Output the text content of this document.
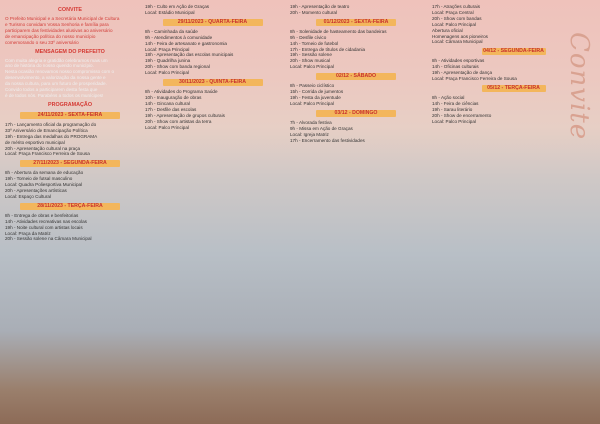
CONVITE
O Prefeito Municipal e a Secretária Municipal de Cultura
e Turismo convidam Vossa Senhoria e família para
participarem das festividades alusivas ao aniversário
de emancipação política do nosso município
comemorando o seu 33º aniversário
MENSAGEM DO PREFEITO
Com muita alegria e gratidão celebramos mais um
ano de história do nosso querido município.
Nesta ocasião renovamos nosso compromisso com o
desenvolvimento, a valorização da nossa gente e
da nossa cultura, para um futuro de prosperidade.
Convido todos a participarem desta festa que
é de todos nós. Parabéns a todos os munícipes!
PROGRAMAÇÃO
24/11/2023 - SEXTA-FEIRA
17h - Lançamento oficial da programação do
33º Aniversário de Emancipação Política
19h - Entrega das medalhas do PROGRAMA
de mérito esportivo municipal
20h - Apresentação cultural na praça
Local: Praça Francisco Ferreira de Sousa
27/11/2023 - SEGUNDA-FEIRA
8h - Abertura da semana de educação
19h - Torneio de futsal masculino
Local: Quadra Poliesportiva Municipal
20h - Apresentações artísticas
Local: Espaço Cultural
28/11/2023 - TERÇA-FEIRA
8h - Entrega de obras e benfeitorias
14h - Atividades recreativas nas escolas
19h - Noite cultural com artistas locais
Local: Praça da Matriz
20h - Sessão solene na Câmara Municipal
19h - Culto em Ação de Graças
Local: Estádio Municipal
29/11/2023 - QUARTA-FEIRA
8h - Caminhada da saúde
9h - Atendimentos à comunidade
14h - Feira de artesanato e gastronomia
Local: Praça Principal
18h - Apresentação das escolas municipais
19h - Quadrilha junina
20h - Show com banda regional
Local: Palco Principal
30/11/2023 - QUINTA-FEIRA
8h - Atividades do Programa Saúde
10h - Inauguração de obras
14h - Gincana cultural
17h - Desfile das escolas
19h - Apresentação de grupos culturais
20h - Show com artistas da terra
Local: Palco Principal
19h - Apresentação de teatro
20h - Momento cultural
01/12/2023 - SEXTA-FEIRA
8h - Solenidade de hasteamento das bandeiras
9h - Desfile cívico
14h - Torneio de futebol
17h - Entrega de títulos de cidadania
19h - Sessão solene
20h - Show musical
Local: Palco Principal
02/12 - SÁBADO
8h - Passeio ciclístico
15h - Corrida de jumentos
19h - Festa da juventude
Local: Palco Principal
03/12 - DOMINGO
7h - Alvorada festiva
9h - Missa em Ação de Graças
Local: Igreja Matriz
17h - Encerramento das festividades
17h - Atrações culturais
Local: Praça Central
20h - Show com bandas
Local: Palco Principal
Abertura oficial
Homenagens aos pioneiros
Local: Câmara Municipal
04/12 - SEGUNDA-FEIRA
8h - Atividades esportivas
14h - Oficinas culturais
19h - Apresentação de dança
Local: Praça Francisco Ferreira de Sousa
05/12 - TERÇA-FEIRA
8h - Ação social
14h - Feira de ciências
19h - Sarau literário
20h - Show de encerramento
Local: Palco Principal	Convite
